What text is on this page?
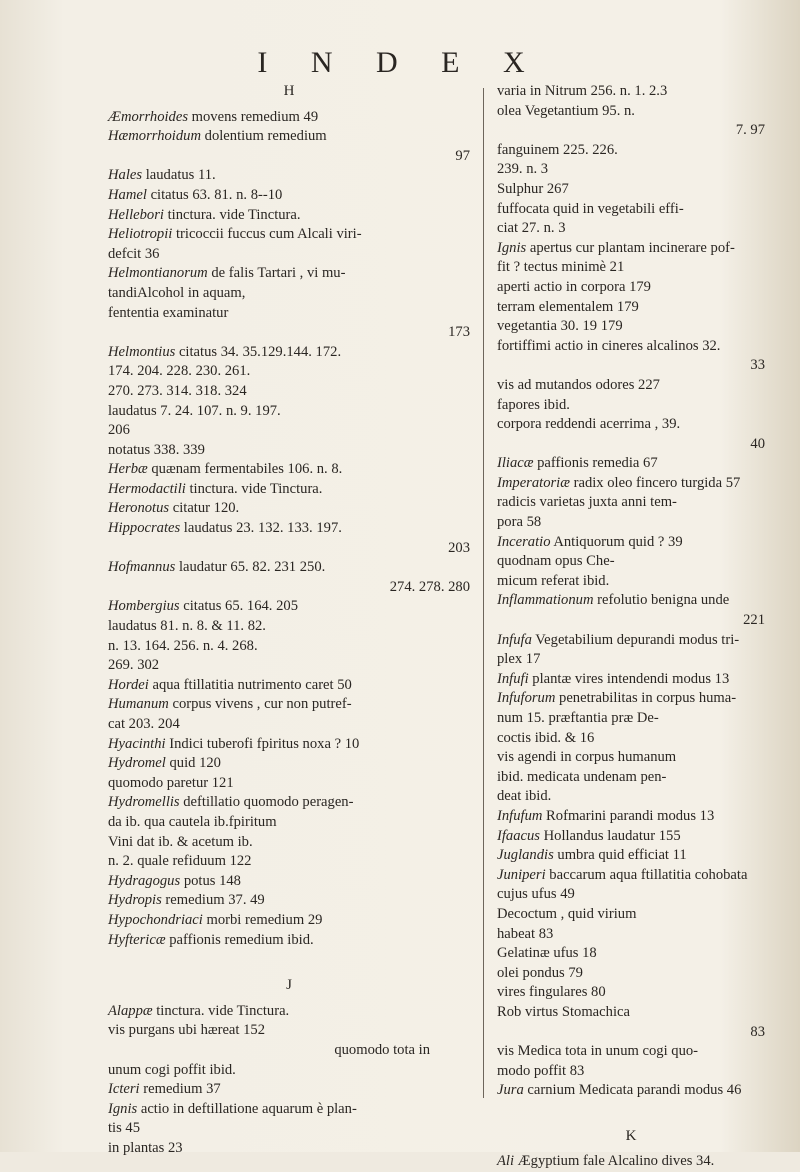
I N D E X
H
Æmorrhoides movens remedium 49
Hæmorrhoidum dolentium remedium
97
Hales laudatus 11.
Hamel citatus 63. 81. n. 8--10
Hellebori tinctura. vide Tinctura.
Heliotropii tricoccii fuccus cum Alcali viri-
defcit 36
Helmontianorum de falis Tartari , vi mu-
tandiAlcohol in aquam,
fententia examinatur
173
Helmontius citatus 34. 35.129.144. 172.
174. 204. 228. 230. 261.
270. 273. 314. 318. 324
laudatus 7. 24. 107. n. 9. 197.
206
notatus 338. 339
Herbæ quænam fermentabiles 106. n. 8.
Hermodactili tinctura. vide Tinctura.
Heronotus citatur 120.
Hippocrates laudatus 23. 132. 133. 197.
203
Hofmannus laudatur 65. 82. 231 250.
274. 278. 280
Hombergius citatus 65. 164. 205
laudatus 81. n. 8. & 11. 82.
n. 13. 164. 256. n. 4. 268.
269. 302
Hordei aqua ftillatitia nutrimento caret 50
Humanum corpus vivens , cur non putref-
cat 203. 204
Hyacinthi Indici tuberofi fpiritus noxa ? 10
Hydromel quid 120
quomodo paretur 121
Hydromellis deftillatio quomodo peragen-
da ib. qua cautela ib.fpiritum
Vini dat ib. & acetum ib.
n. 2. quale refiduum 122
Hydragogus potus 148
Hydropis remedium 37. 49
Hypochondriaci morbi remedium 29
Hyftericæ paffionis remedium ibid.
J
Alappæ tinctura. vide Tinctura.
vis purgans ubi hæreat 152
quomodo tota in
unum cogi poffit ibid.
Icteri remedium 37
Ignis actio in deftillatione aquarum è plan-
tis 45
in plantas 23
varia in Nitrum 256. n. 1. 2.3
olea Vegetantium 95. n.
7. 97
fanguinem 225. 226.
239. n. 3
Sulphur 267
fuffocata quid in vegetabili effi-
ciat 27. n. 3
Ignis apertus cur plantam incinerare pof-
fit ? tectus minimè 21
aperti actio in corpora 179
terram elementalem 179
vegetantia 30. 19 179
fortiffimi actio in cineres alcalinos 32.
33
vis ad mutandos odores 227
fapores ibid.
corpora reddendi acerrima , 39.
40
Iliacæ paffionis remedia 67
Imperatoriæ radix oleo fincero turgida 57
radicis varietas juxta anni tem-
pora 58
Inceratio Antiquorum quid ? 39
quodnam opus Che-
micum referat ibid.
Inflammationum refolutio benigna unde
221
Infufa Vegetabilium depurandi modus tri-
plex 17
Infufi plantæ vires intendendi modus 13
Infuforum penetrabilitas in corpus huma-
num 15. præftantia præ De-
coctis ibid. & 16
vis agendi in corpus humanum
ibid. medicata undenam pen-
deat ibid.
Infufum Rofmarini parandi modus 13
Ifaacus Hollandus laudatur 155
Juglandis umbra quid efficiat 11
Juniperi baccarum aqua ftillatitia cohobata
cujus ufus 49
Decoctum , quid virium
habeat 83
Gelatinæ ufus 18
olei pondus 79
vires fingulares 80
Rob virtus Stomachica
83
vis Medica tota in unum cogi quo-
modo poffit 83
Jura carnium Medicata parandi modus 46
K
Ali Ægyptium fale Alcalino dives 34.
